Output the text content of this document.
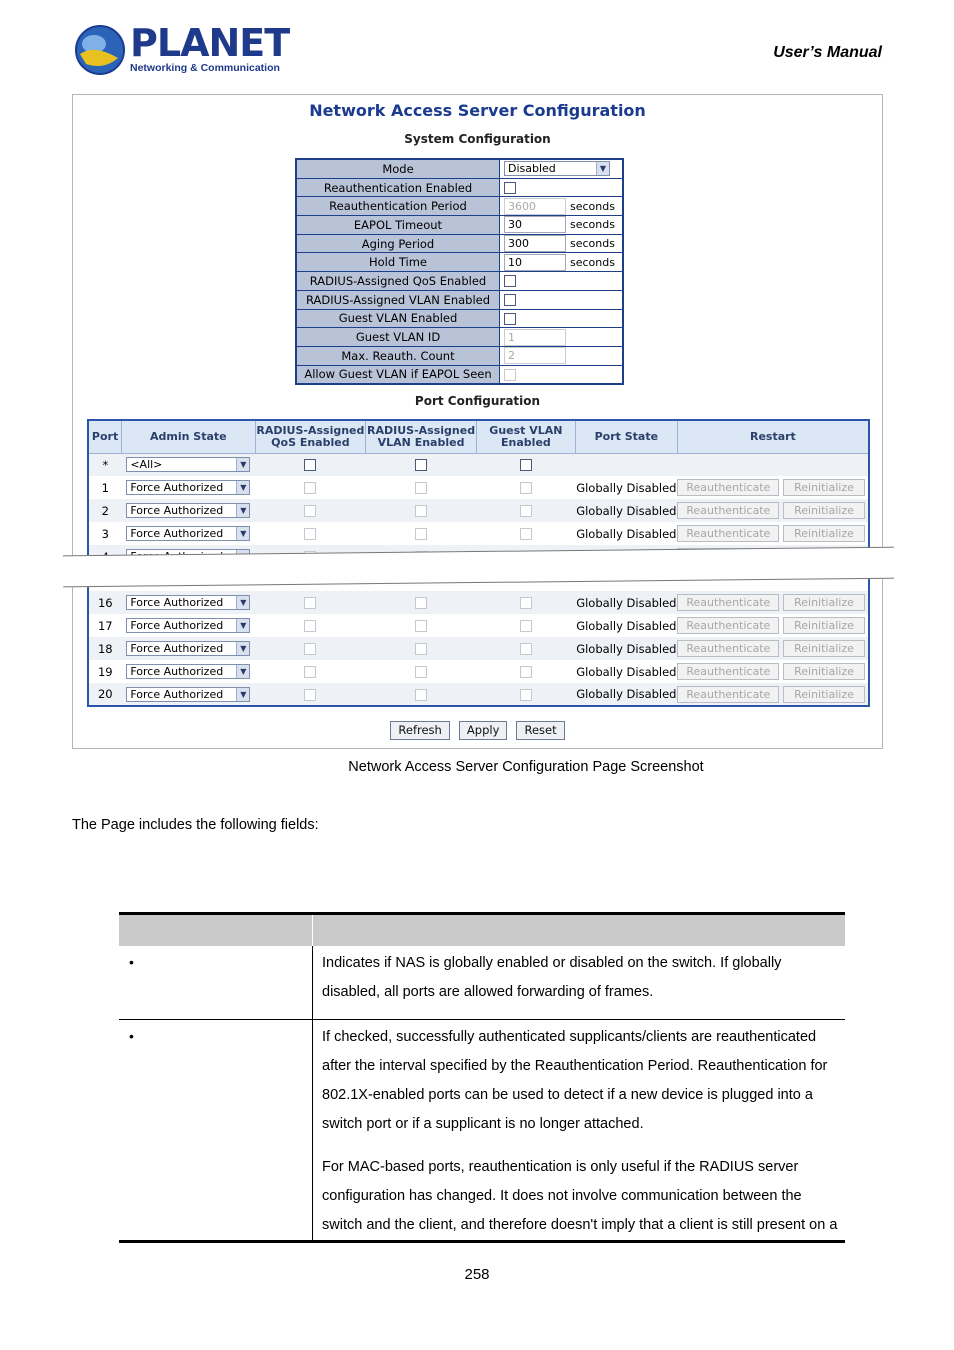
PLANET
Networking & Communication
User’s Manual
Network Access Server Configuration
System Configuration
Mode	Disabled ▼

Reauthentication Enabled	
Reauthentication Period	3600 seconds
EAPOL Timeout	30 seconds
Aging Period	300 seconds
Hold Time	10 seconds
RADIUS-Assigned QoS Enabled	
RADIUS-Assigned VLAN Enabled	
Guest VLAN Enabled	
Guest VLAN ID	1
Max. Reauth. Count	2
Allow Guest VLAN if EAPOL Seen	
Port Configuration
Port	Admin State	RADIUS-Assigned QoS Enabled	RADIUS-Assigned VLAN Enabled	Guest VLAN Enabled	Port State	Restart
*	<All> ▼					

1	Force Authorized ▼				Globally Disabled	Reauthenticate Reinitialize
2	Force Authorized ▼				Globally Disabled	Reauthenticate Reinitialize
3	Force Authorized ▼				Globally Disabled	Reauthenticate Reinitialize

16	Force Authorized ▼				Globally Disabled	Reauthenticate Reinitialize
17	Force Authorized ▼				Globally Disabled	Reauthenticate Reinitialize
18	Force Authorized ▼				Globally Disabled	Reauthenticate Reinitialize
19	Force Authorized ▼				Globally Disabled	Reauthenticate Reinitialize
20	Force Authorized ▼				Globally Disabled	Reauthenticate Reinitialize
Refresh Apply Reset
Network Access Server Configuration Page Screenshot
The Page includes the following fields:
•	Indicates if NAS is globally enabled or disabled on the switch. If globally disabled, all ports are allowed forwarding of frames.

•	If checked, successfully authenticated supplicants/clients are reauthenticated after the interval specified by the Reauthentication Period. Reauthentication for 802.1X-enabled ports can be used to detect if a new device is plugged into a switch port or if a supplicant is no longer attached.

For MAC-based ports, reauthentication is only useful if the RADIUS server configuration has changed. It does not involve communication between the switch and the client, and therefore doesn't imply that a client is still present on a

258
